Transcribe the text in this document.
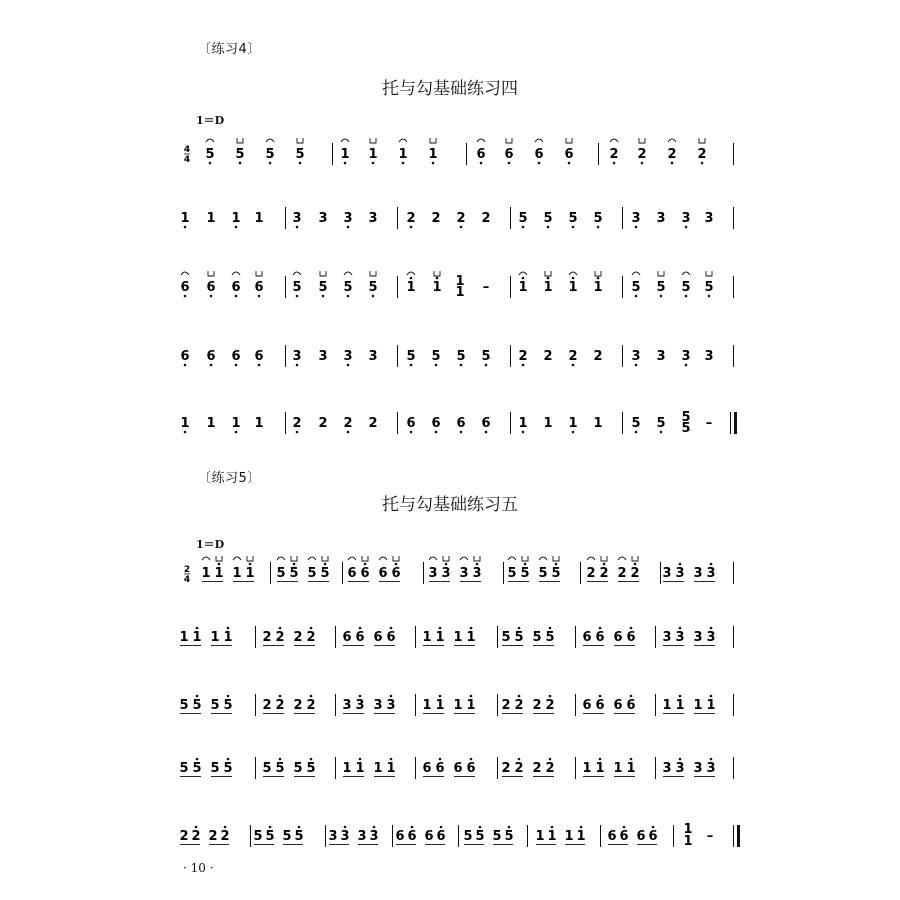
〔练习4〕
托与勾基础练习四
1＝D
〔练习5〕
托与勾基础练习五
1＝D
4
4 5 5 5 5	1 1 1 1	6 6 6 6	2 2 2 2
1 1 1 1 3 3 3 3 2 2 2 2 5 5 5 5 3 3 3 3
6 6 6 6 5 5 5 5 1 1 1
1 – 1 1 1 1 5 5 5 5
6 6 6 6 3 3 3 3 5 5 5 5 2 2 2 2 3 3 3 3
1 1 1 1 2 2 2 2 6 6 6 6 1 1 1 1 5 5 5
5 –
2
4 1 1 1 1 5 5 5 5 6 6 6 6 3 3 3 3 5 5 5 5 2 2 2 2 3 3 3 3
1 1 1 1 2 2 2 2 6 6 6 6 1 1 1 1 5 5 5 5 6 6 6 6 3 3 3 3
5 5 5 5 2 2 2 2 3 3 3 3 1 1 1 1 2 2 2 2 6 6 6 6 1 1 1 1
5 5 5 5 5 5 5 5 1 1 1 1 6 6 6 6 2 2 2 2 1 1 1 1 3 3 3 3
2 2 2 2 5 5 5 5 3 3 3 3 6 6 6 6 5 5 5 5 1 1 1 1 6 6 6 6 1
1 –
· 10 ·
